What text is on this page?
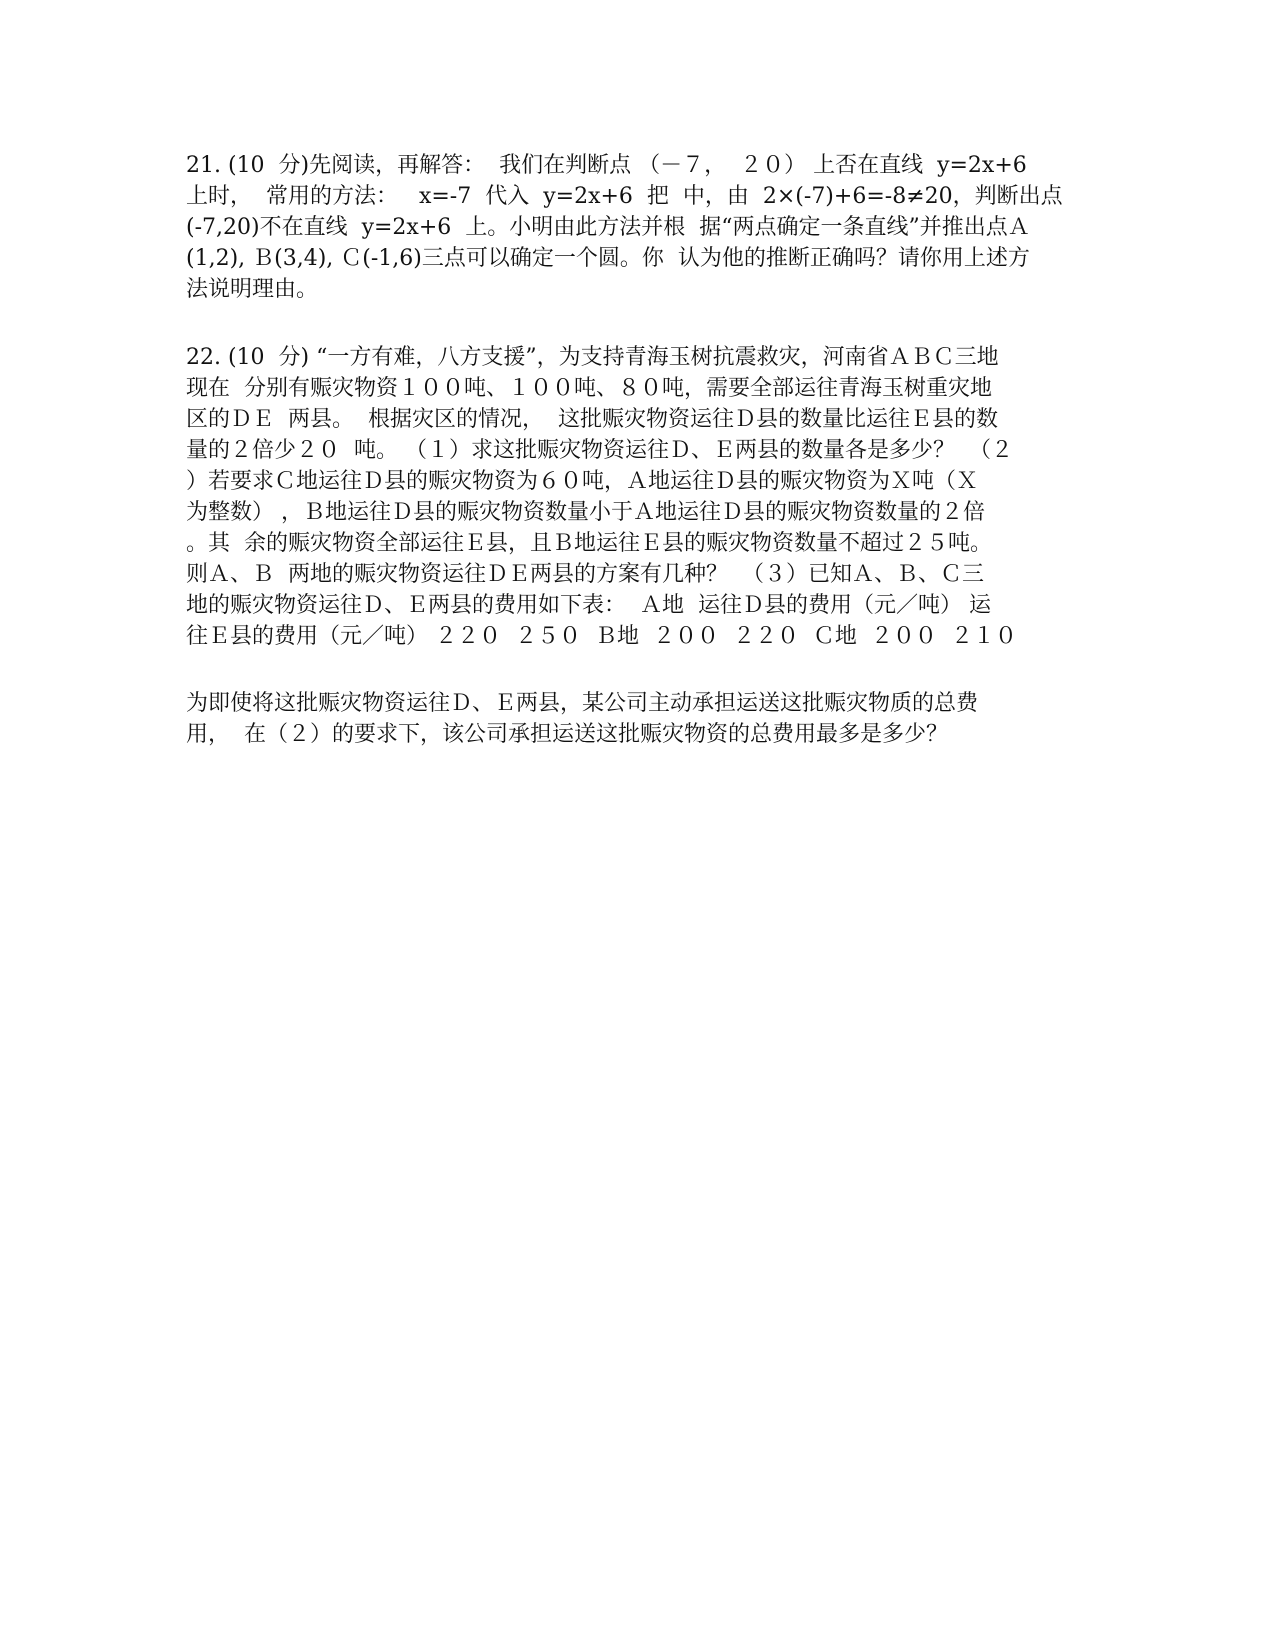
21. (10  分)先阅读，再解答：  我们在判断点 （－７，  ２０） 上否在直线  y=2x+6
上时，  常用的方法：   x=-7  代入  y=2x+6  把  中，由  2×(-7)+6=-8≠20，判断出点
(-7,20)不在直线  y=2x+6  上。小明由此方法并根  据“两点确定一条直线”并推出点Ａ
(1,2), Ｂ(3,4), Ｃ(-1,6)三点可以确定一个圆。你  认为他的推断正确吗？请你用上述方
法说明理由。
22. (10  分) “一方有难，八方支援”，为支持青海玉树抗震救灾，河南省ＡＢＣ三地
现在  分别有赈灾物资１００吨、１００吨、８０吨，需要全部运往青海玉树重灾地
区的ＤＥ  两县。  根据灾区的情况，  这批赈灾物资运往Ｄ县的数量比运往Ｅ县的数
量的２倍少２０  吨。 （１）求这批赈灾物资运往Ｄ、Ｅ两县的数量各是多少？  （２
）若要求Ｃ地运往Ｄ县的赈灾物资为６０吨，Ａ地运往Ｄ县的赈灾物资为Ｘ吨（Ｘ
为整数） ，Ｂ地运往Ｄ县的赈灾物资数量小于Ａ地运往Ｄ县的赈灾物资数量的２倍
。其  余的赈灾物资全部运往Ｅ县，且Ｂ地运往Ｅ县的赈灾物资数量不超过２５吨。
则Ａ、Ｂ  两地的赈灾物资运往ＤＥ两县的方案有几种？  （３）已知Ａ、Ｂ、Ｃ三
地的赈灾物资运往Ｄ、Ｅ两县的费用如下表：  Ａ地  运往Ｄ县的费用（元／吨） 运
往Ｅ县的费用（元／吨） ２２０  ２５０  Ｂ地  ２００  ２２０  Ｃ地  ２００  ２１０
为即使将这批赈灾物资运往Ｄ、Ｅ两县，某公司主动承担运送这批赈灾物质的总费
用，  在（２）的要求下，该公司承担运送这批赈灾物资的总费用最多是多少？
